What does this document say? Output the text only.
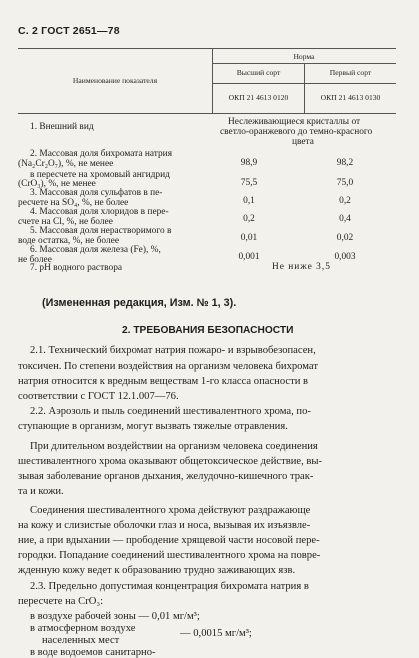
С. 2 ГОСТ 2651—78
Наименование показателя
Норма
Высший сорт	Первый сорт
ОКП 21 4613 0120	ОКП 21 4613 0130
1. Внешний вид	Неслеживающиеся кристаллы от
светло-оранжевого до темно-красного
цвета
2. Массовая доля бихромата натрия
(Na₂Cr₂O₇), %, не менее	98,9	98,2
в пересчете на хромовый ангидрид
(CrO₃), %, не менее	75,5	75,0
3. Массовая доля сульфатов в пе-
ресчете на SO₄, %, не более	0,1	0,2
4. Массовая доля хлоридов в пере-
счете на Cl, %, не более	0,2	0,4
5. Массовая доля нерастворимого в
воде остатка, %, не более	0,01	0,02
6. Массовая доля железа (Fe), %,
не более	0,001	0,003
7. pH водного раствора	Не ниже 3,5
(Измененная редакция, Изм. № 1, 3).
2. ТРЕБОВАНИЯ БЕЗОПАСНОСТИ
2.1. Технический бихромат натрия пожаро- и взрывобезопасен,
токсичен. По степени воздействия на организм человека бихромат
натрия относится к вредным веществам 1-го класса опасности в
соответствии с ГОСТ 12.1.007—76.
2.2. Аэрозоль и пыль соединений шестивалентного хрома, по-
ступающие в организм, могут вызвать тяжелые отравления.
При длительном воздействии на организм человека соединения
шестивалентного хрома оказывают общетоксическое действие, вы-
зывая заболевание органов дыхания, желудочно-кишечного трак-
та и кожи.
Соединения шестивалентного хрома действуют раздражающе
на кожу и слизистые оболочки глаз и носа, вызывая их изъязвле-
ние, а при вдыхании — прободение хрящевой части носовой пере-
городки. Попадание соединений шестивалентного хрома на повре-
жденную кожу ведет к образованию трудно заживающих язв.
2.3. Предельно допустимая концентрация бихромата натрия в
пересчете на CrO₃:
в воздухе рабочей зоны — 0,01 мг/м³;
в атмосферном воздухе
населенных мест
— 0,0015 мг/м³;
в воде водоемов санитарно-
